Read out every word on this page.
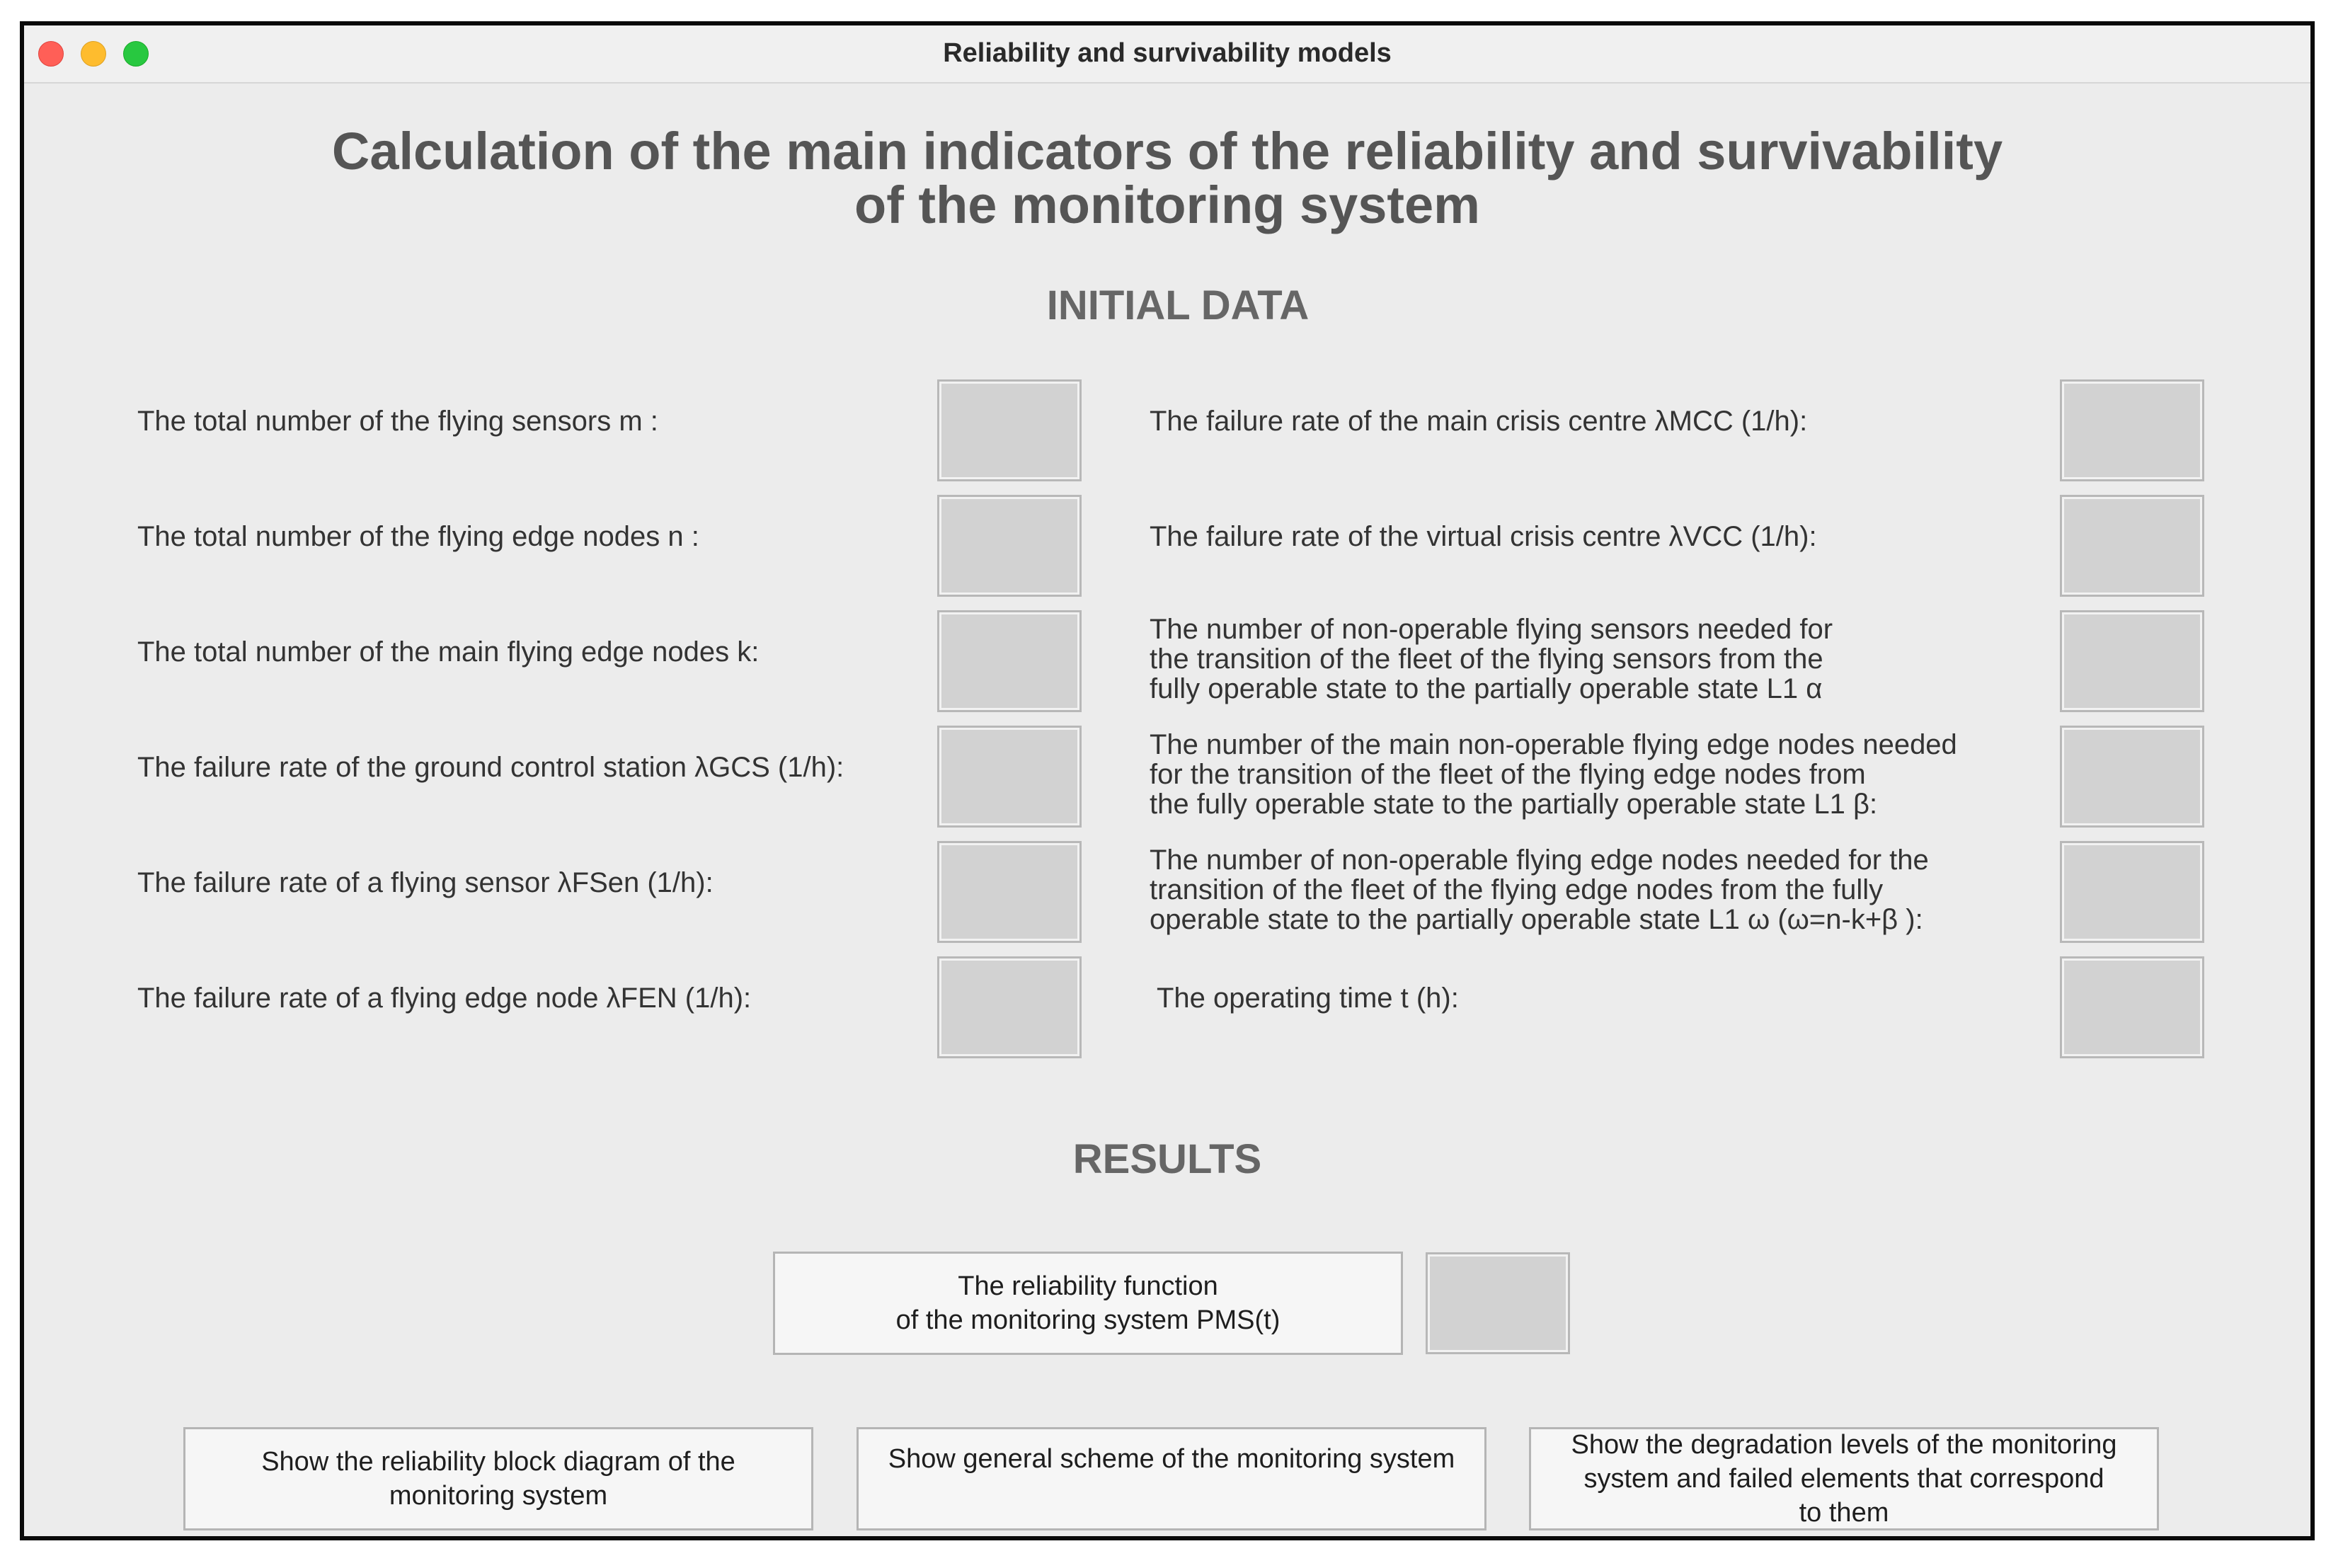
Reliability and survivability models
Calculation of the main indicators of the reliability and survivability
of the monitoring system
INITIAL DATA
The total number of the flying sensors m :
The total number of the flying edge nodes n :
The total number of the main flying edge nodes k:
The failure rate of the ground control station λGCS (1/h):
The failure rate of a flying sensor λFSen (1/h):
The failure rate of a flying edge node λFEN (1/h):
The failure rate of the main crisis centre λMCC (1/h):
The failure rate of the virtual crisis centre λVCC (1/h):
The number of non-operable flying sensors needed for
the transition of the fleet of the flying sensors from the
fully operable state to the partially operable state L1 α
The number of the main non-operable flying edge nodes needed
for the transition of the fleet of the flying edge nodes from
the fully operable state to the partially operable state L1 β:
The number of non-operable flying edge nodes needed for the
transition of the fleet of the flying edge nodes from the fully
operable state to the partially operable state L1 ω (ω=n-k+β ):
The operating time t (h):
RESULTS
The reliability function
of the monitoring system PMS(t)
Show the reliability block diagram of the
monitoring system
Show general scheme of the monitoring system	Show the degradation levels of the monitoring
system and failed elements that correspond
to them
